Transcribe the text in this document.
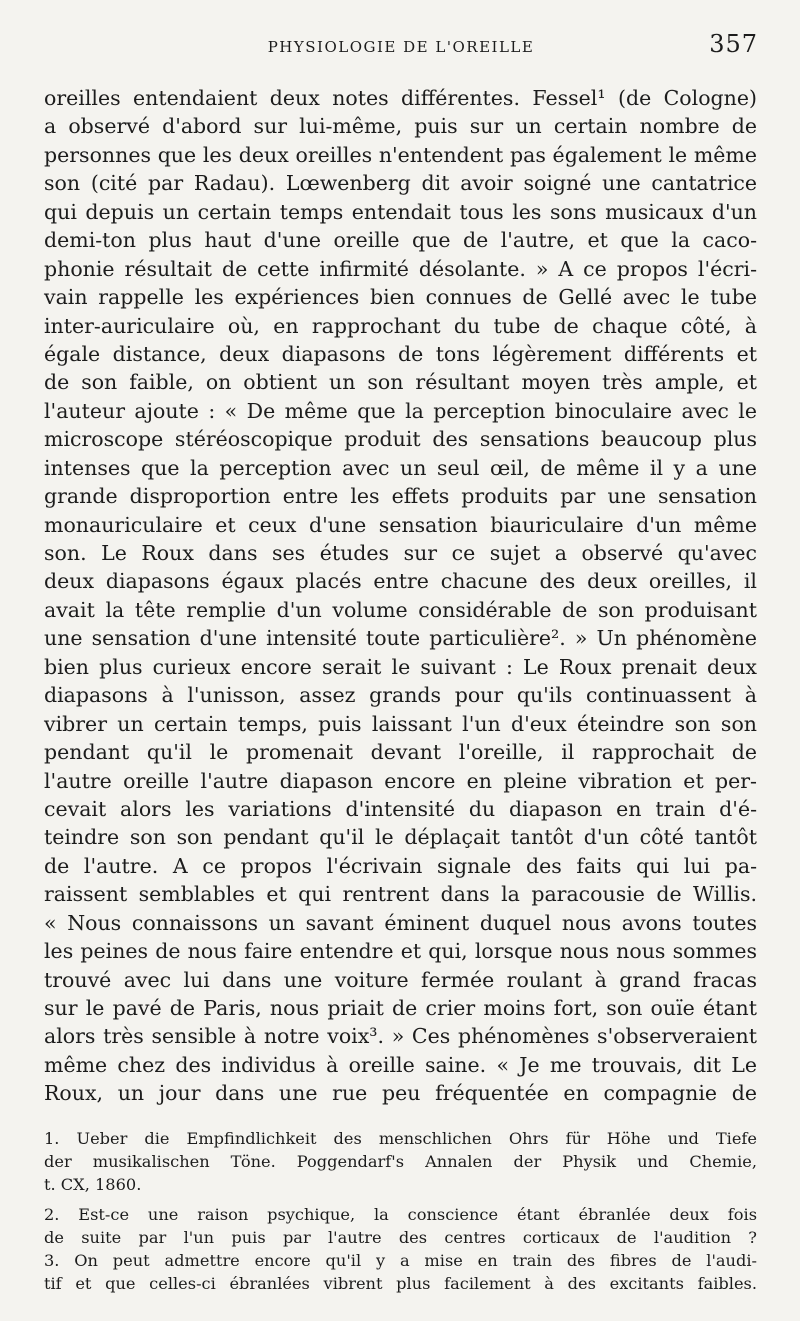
PHYSIOLOGIE DE L'OREILLE	357
oreilles entendaient deux notes différentes. Fessel¹ (de Cologne)
a observé d'abord sur lui-même, puis sur un certain nombre de
personnes que les deux oreilles n'entendent pas également le même
son (cité par Radau). Lœwenberg dit avoir soigné une cantatrice
qui depuis un certain temps entendait tous les sons musicaux d'un
demi-ton plus haut d'une oreille que de l'autre, et que la caco-
phonie résultait de cette infirmité désolante. » A ce propos l'écri-
vain rappelle les expériences bien connues de Gellé avec le tube
inter-auriculaire où, en rapprochant du tube de chaque côté, à
égale distance, deux diapasons de tons légèrement différents et
de son faible, on obtient un son résultant moyen très ample, et
l'auteur ajoute : « De même que la perception binoculaire avec le
microscope stéréoscopique produit des sensations beaucoup plus
intenses que la perception avec un seul œil, de même il y a une
grande disproportion entre les effets produits par une sensation
monauriculaire et ceux d'une sensation biauriculaire d'un même
son. Le Roux dans ses études sur ce sujet a observé qu'avec
deux diapasons égaux placés entre chacune des deux oreilles, il
avait la tête remplie d'un volume considérable de son produisant
une sensation d'une intensité toute particulière². » Un phénomène
bien plus curieux encore serait le suivant : Le Roux prenait deux
diapasons à l'unisson, assez grands pour qu'ils continuassent à
vibrer un certain temps, puis laissant l'un d'eux éteindre son son
pendant qu'il le promenait devant l'oreille, il rapprochait de
l'autre oreille l'autre diapason encore en pleine vibration et per-
cevait alors les variations d'intensité du diapason en train d'é-
teindre son son pendant qu'il le déplaçait tantôt d'un côté tantôt
de l'autre. A ce propos l'écrivain signale des faits qui lui pa-
raissent semblables et qui rentrent dans la paracousie de Willis.
« Nous connaissons un savant éminent duquel nous avons toutes
les peines de nous faire entendre et qui, lorsque nous nous sommes
trouvé avec lui dans une voiture fermée roulant à grand fracas
sur le pavé de Paris, nous priait de crier moins fort, son ouïe étant
alors très sensible à notre voix³. » Ces phénomènes s'observeraient
même chez des individus à oreille saine. « Je me trouvais, dit Le
Roux, un jour dans une rue peu fréquentée en compagnie de
1. Ueber die Empfindlichkeit des menschlichen Ohrs für Höhe und Tiefe
der musikalischen Töne. Poggendarf's Annalen der Physik und Chemie,
t. CX, 1860.
2. Est-ce une raison psychique, la conscience étant ébranlée deux fois
de suite par l'un puis par l'autre des centres corticaux de l'audition ?
3. On peut admettre encore qu'il y a mise en train des fibres de l'audi-
tif et que celles-ci ébranlées vibrent plus facilement à des excitants faibles.
